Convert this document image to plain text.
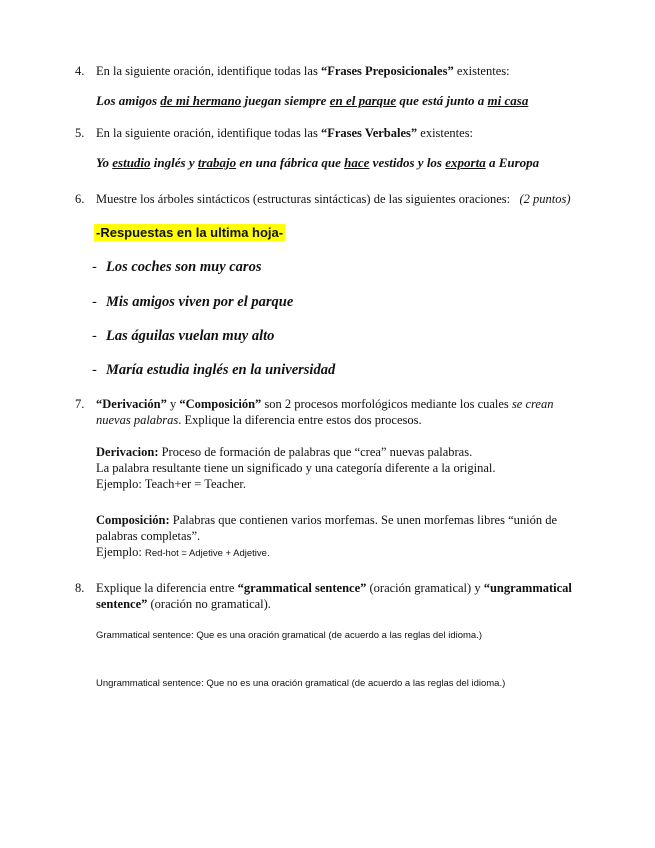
4. En la siguiente oración, identifique todas las “Frases Preposicionales” existentes:
Los amigos de mi hermano juegan siempre en el parque que está junto a mi casa
5. En la siguiente oración, identifique todas las “Frases Verbales” existentes:
Yo estudio inglés y trabajo en una fábrica que hace vestidos y los exporta a Europa
6. Muestre los árboles sintácticos (estructuras sintácticas) de las siguientes oraciones: (2 puntos)
-Respuestas en la ultima hoja-
- Los coches son muy caros
- Mis amigos viven por el parque
- Las águilas vuelan muy alto
- María estudia inglés en la universidad
7. “Derivación” y “Composición” son 2 procesos morfológicos mediante los cuales se crean nuevas palabras. Explique la diferencia entre estos dos procesos.
Derivacion: Proceso de formación de palabras que “crea” nuevas palabras.
La palabra resultante tiene un significado y una categoría diferente a la original.
Ejemplo: Teach+er = Teacher.
Composición: Palabras que contienen varios morfemas. Se unen morfemas libres “unión de palabras completas”.
Ejemplo: Red-hot = Adjetive + Adjetive.
8. Explique la diferencia entre “grammatical sentence” (oración gramatical) y “ungrammatical sentence” (oración no gramatical).
Grammatical sentence: Que es una oración gramatical (de acuerdo a las reglas del idioma.)
Ungrammatical sentence: Que no es una oración gramatical (de acuerdo a las reglas del idioma.)
